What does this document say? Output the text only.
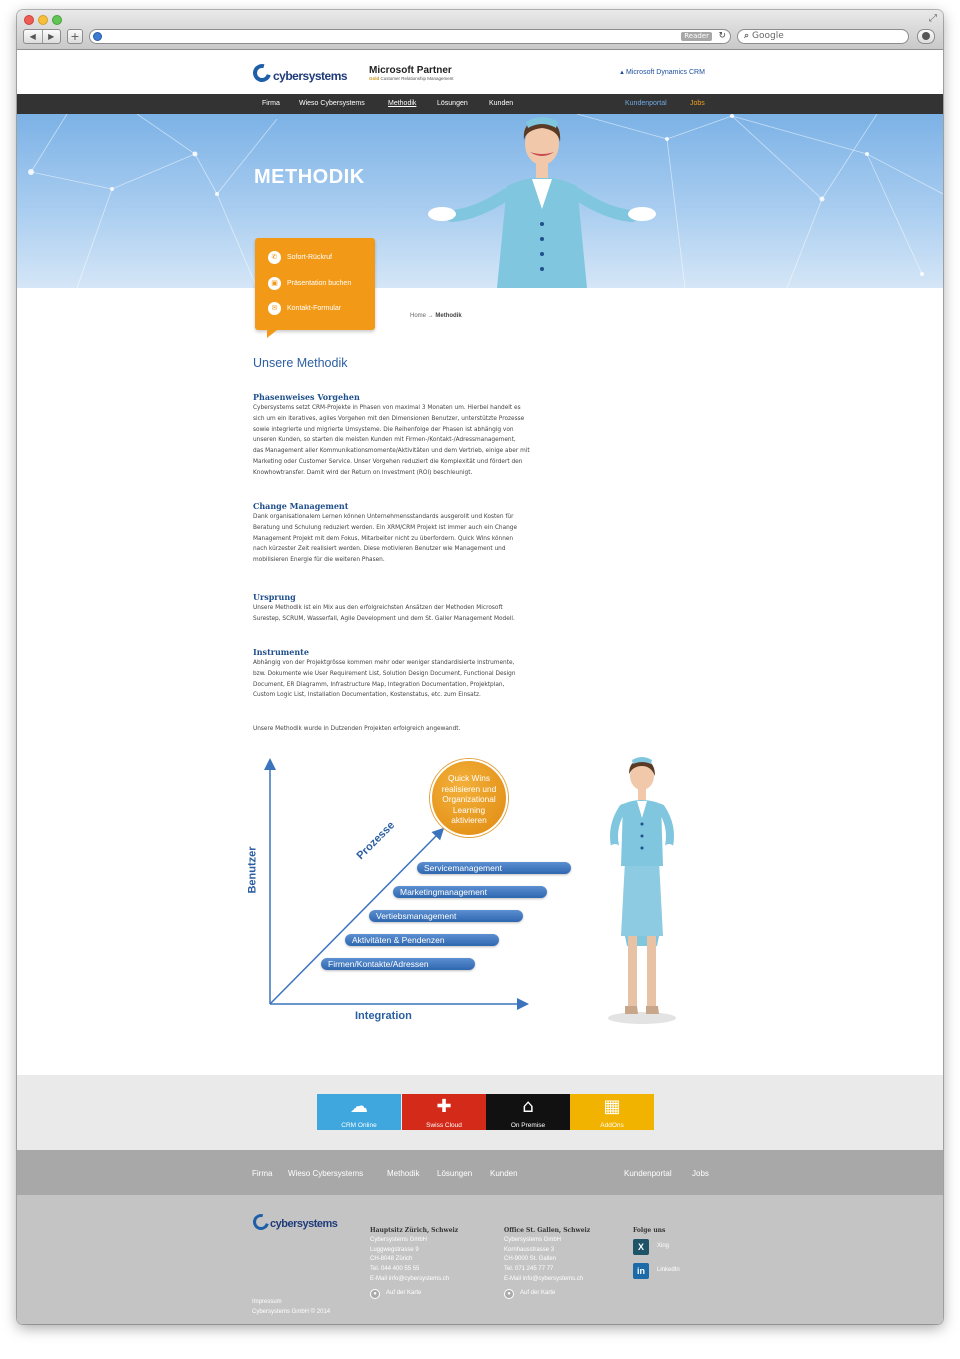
⤢
◀	▶	+	Reader	↻	⌕ Google
cybersystems Microsoft Partner
Gold Customer Relationship Management
▲ Microsoft Dynamics CRM
Firma	Wieso Cybersystems	Methodik	Lösungen	Kunden	Kundenportal	Jobs
METHODIK
✆	Sofort-Rückruf
▣	Präsentation buchen
✉	Kontakt-Formular
Home → Methodik
Unsere Methodik
Phasenweises Vorgehen
Cybersystems setzt CRM-Projekte in Phasen von maximal 3 Monaten um. Hierbei handelt es
sich um ein iteratives, agiles Vorgehen mit den Dimensionen Benutzer, unterstützte Prozesse
sowie integrierte und migrierte Umsysteme. Die Reihenfolge der Phasen ist abhängig von
unseren Kunden, so starten die meisten Kunden mit Firmen-/Kontakt-/Adressmanagement,
das Management aller Kommunikationsmomente/Aktivitäten und dem Vertrieb, einige aber mit
Marketing oder Customer Service. Unser Vorgehen reduziert die Komplexität und fördert den
Knowhowtransfer. Damit wird der Return on Investment (ROI) beschleunigt.
Change Management
Dank organisationalem Lernen können Unternehmensstandards ausgerollt und Kosten für
Beratung und Schulung reduziert werden. Ein XRM/CRM Projekt ist immer auch ein Change
Management Projekt mit dem Fokus, Mitarbeiter nicht zu überfordern. Quick Wins können
nach kürzester Zeit realisiert werden. Diese motivieren Benutzer wie Management und
mobilisieren Energie für die weiteren Phasen.
Ursprung
Unsere Methodik ist ein Mix aus den erfolgreichsten Ansätzen der Methoden Microsoft
Surestep, SCRUM, Wasserfall, Agile Development und dem St. Galler Management Modell.
Instrumente
Abhängig von der Projektgrösse kommen mehr oder weniger standardisierte Instrumente,
bzw. Dokumente wie User Requirement List, Solution Design Document, Functional Design
Document, ER Diagramm, Infrastructure Map, Integration Documentation, Projektplan,
Custom Logic List, Installation Documentation, Kostenstatus, etc. zum Einsatz.
Unsere Methodik wurde in Dutzenden Projekten erfolgreich angewandt.
Benutzer
Integration
Prozesse
Servicemanagement
Marketingmanagement
Vertiebsmanagement
Aktivitäten & Pendenzen
Firmen/Kontakte/Adressen
Quick Wins
realisieren und
Organizational
Learning
aktivieren
☁
CRM Online
✚
Swiss Cloud
⌂
On Premise
▦
AddOns
Firma Wieso Cybersystems	Methodik Lösungen Kunden	Kundenportal	Jobs
cybersystems
Hauptsitz Zürich, Schweiz
Cybersystems GmbH
Luggwegstrasse 9
CH-8048 Zürich
Tel. 044 400 55 55
E-Mail info@cybersystems.ch
●	Auf der Karte
Office St. Gallen, Schweiz
Cybersystems GmbH
Kornhausstrasse 3
CH-9000 St. Gallen
Tel. 071 245 77 77
E-Mail info@cybersystems.ch
●	Auf der Karte
Folge uns
X	Xing
in	LinkedIn
Impressum
Cybersystems GmbH © 2014
